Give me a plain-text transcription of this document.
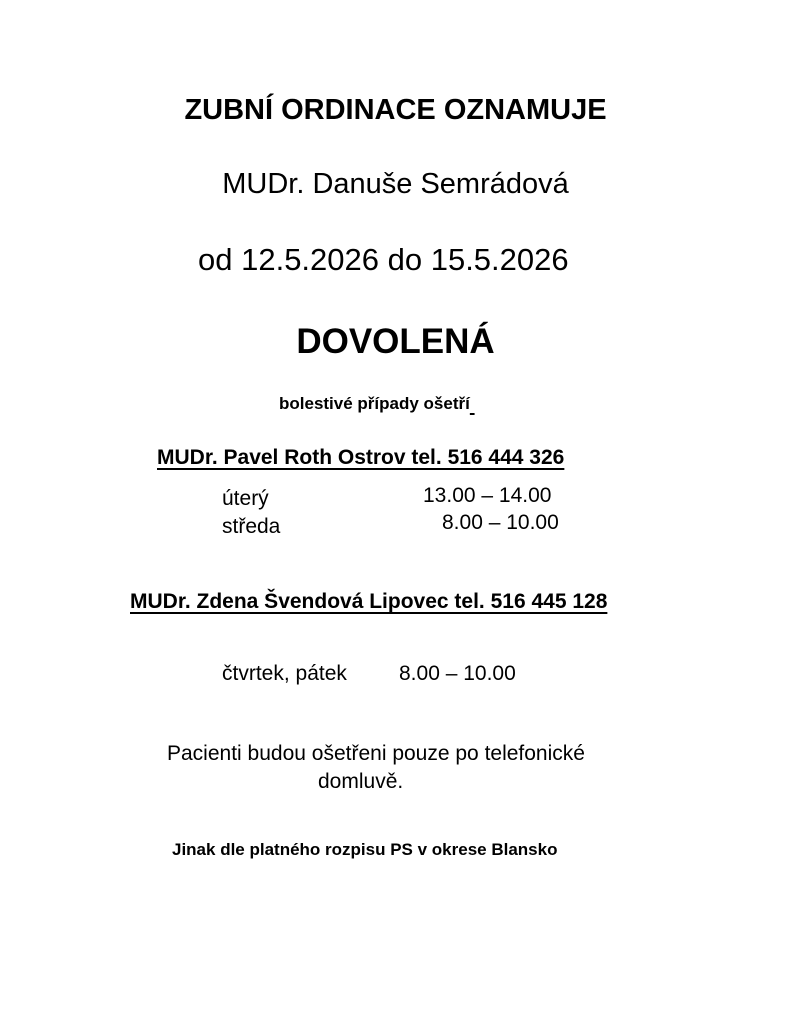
ZUBNÍ ORDINACE OZNAMUJE

MUDr. Danuše Semrádová

od 12.5.2026 do 15.5.2026

DOVOLENÁ

bolestivé případy ošetří

MUDr. Pavel Roth Ostrov tel. 516 444 326

úterý	13.00 – 14.00

středa	8.00 – 10.00

MUDr. Zdena Švendová Lipovec tel. 516 445 128

čtvrtek, pátek 8.00 – 10.00

Pacienti budou ošetřeni pouze po telefonické

domluvě.

Jinak dle platného rozpisu PS v okrese Blansko
